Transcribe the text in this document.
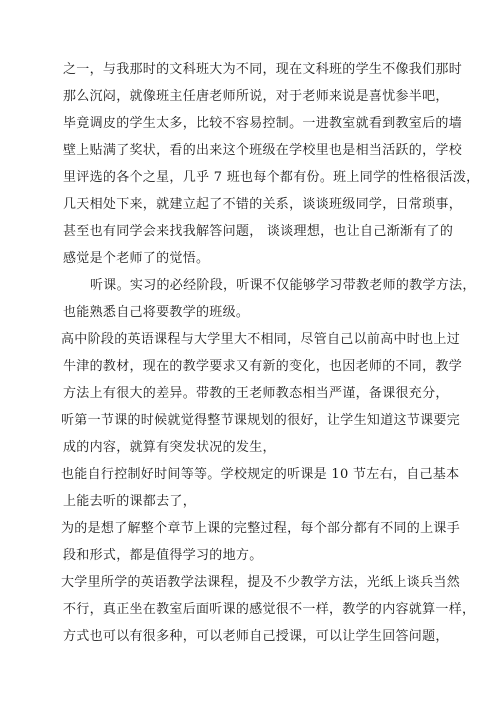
之一，与我那时的文科班大为不同，现在文科班的学生不像我们那时
那么沉闷，就像班主任唐老师所说，对于老师来说是喜忧参半吧，
毕竟调皮的学生太多，比较不容易控制。一进教室就看到教室后的墙
壁上贴满了奖状，看的出来这个班级在学校里也是相当活跃的，学校
里评选的各个之星，几乎 7 班也每个都有份。班上同学的性格很活泼，
几天相处下来，就建立起了不错的关系，谈谈班级同学，日常琐事，
甚至也有同学会来找我解答问题， 谈谈理想，也让自己渐渐有了的
感觉是个老师了的觉悟。
听课。实习的必经阶段，听课不仅能够学习带教老师的教学方法，
也能熟悉自己将要教学的班级。
高中阶段的英语课程与大学里大不相同，尽管自己以前高中时也上过
牛津的教材，现在的教学要求又有新的变化，也因老师的不同，教学
方法上有很大的差异。带教的王老师教态相当严谨，备课很充分，
听第一节课的时候就觉得整节课规划的很好，让学生知道这节课要完
成的内容，就算有突发状况的发生，
也能自行控制好时间等等。学校规定的听课是 10 节左右，自己基本
上能去听的课都去了，
为的是想了解整个章节上课的完整过程，每个部分都有不同的上课手
段和形式，都是值得学习的地方。
大学里所学的英语教学法课程，提及不少教学方法，光纸上谈兵当然
不行，真正坐在教室后面听课的感觉很不一样，教学的内容就算一样，
方式也可以有很多种，可以老师自己授课，可以让学生回答问题，
